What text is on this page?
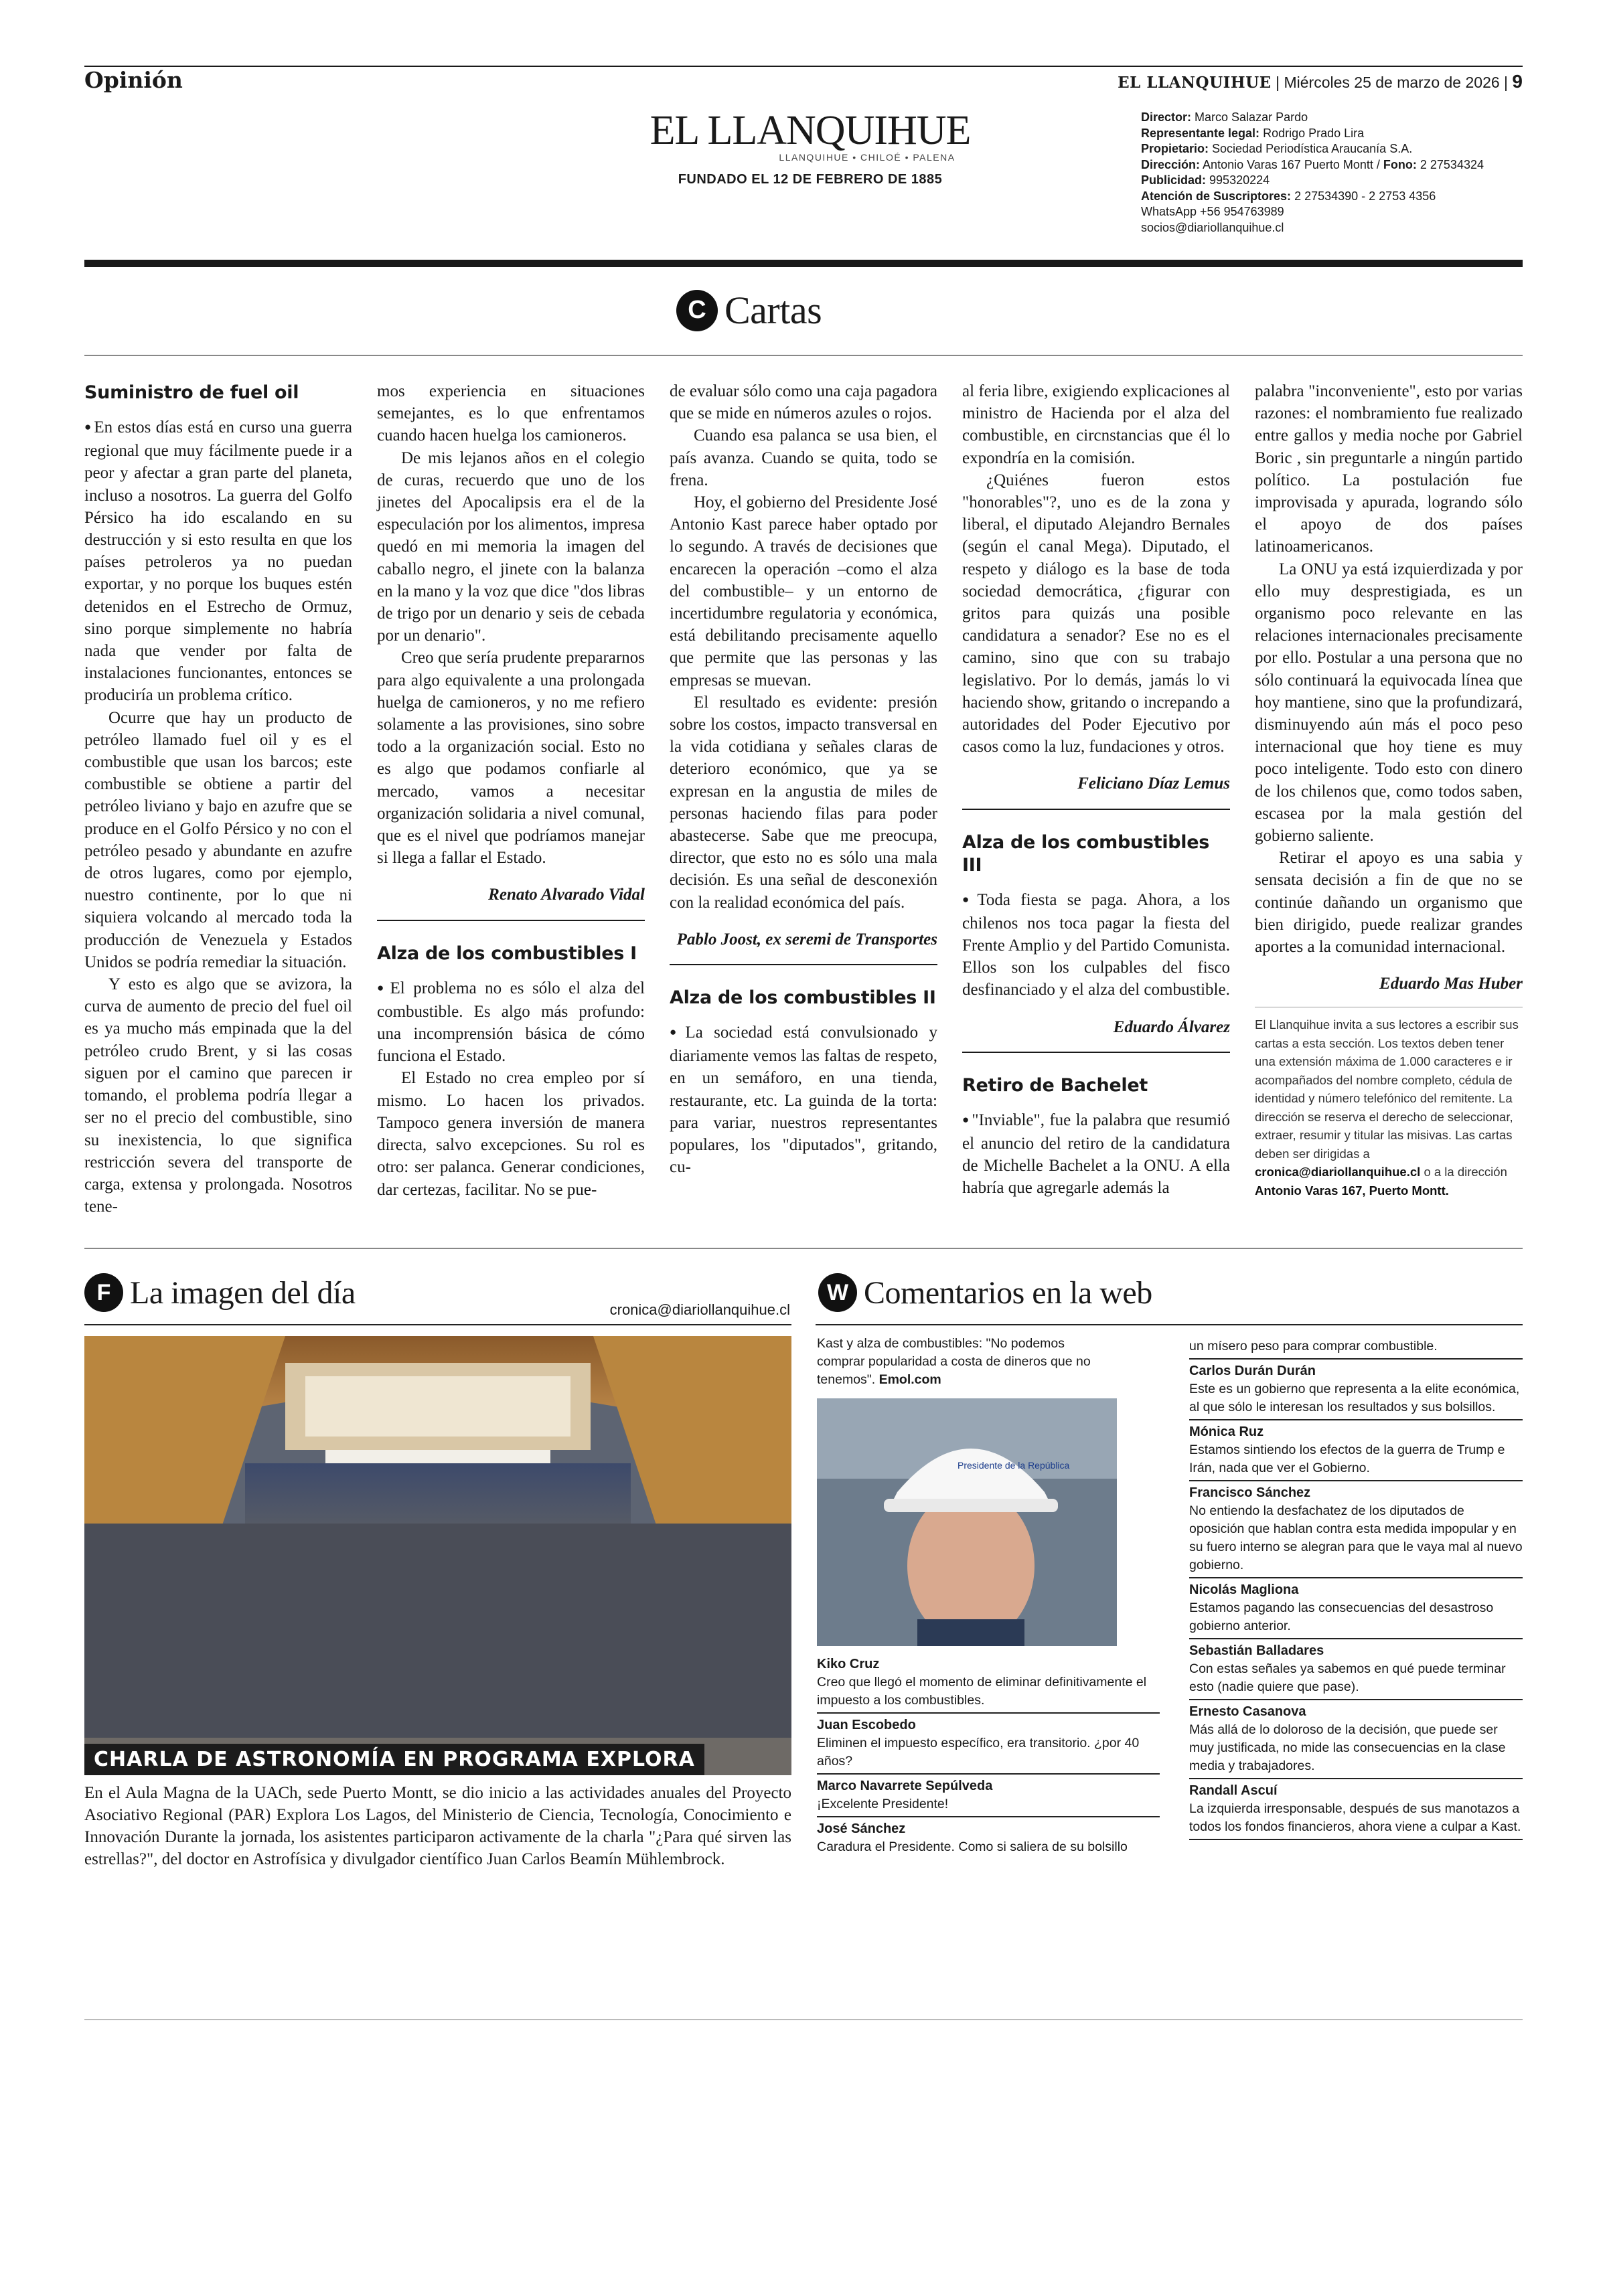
Opinión	EL LLANQUIHUE | Miércoles 25 de marzo de 2026 | 9
EL LLANQUIHUE
LLANQUIHUE • CHILOÉ • PALENA
FUNDADO EL 12 DE FEBRERO DE 1885
Director: Marco Salazar Pardo
Representante legal: Rodrigo Prado Lira
Propietario: Sociedad Periodística Araucanía S.A.
Dirección: Antonio Varas 167 Puerto Montt / Fono: 2 27534324
Publicidad: 995320224
Atención de Suscriptores: 2 27534390 - 2 2753 4356
WhatsApp +56 954763989
socios@diariollanquihue.cl
C Cartas
Suministro de fuel oil

● En estos días está en curso una guerra regional que muy fácilmente puede ir a peor y afectar a gran parte del planeta, incluso a nosotros. La guerra del Golfo Pérsico ha ido escalando en su destrucción y si esto resulta en que los países petroleros ya no puedan exportar, y no porque los buques estén detenidos en el Estrecho de Ormuz, sino porque simplemente no habría nada que vender por falta de instalaciones funcionantes, entonces se produciría un problema crítico.

Ocurre que hay un producto de petróleo llamado fuel oil y es el combustible que usan los barcos; este combustible se obtiene a partir del petróleo liviano y bajo en azufre que se produce en el Golfo Pérsico y no con el petróleo pesado y abundante en azufre de otros lugares, como por ejemplo, nuestro continente, por lo que ni siquiera volcando al mercado toda la producción de Venezuela y Estados Unidos se podría remediar la situación.

Y esto es algo que se avizora, la curva de aumento de precio del fuel oil es ya mucho más empinada que la del petróleo crudo Brent, y si las cosas siguen por el camino que parecen ir tomando, el problema podría llegar a ser no el precio del combustible, sino su inexistencia, lo que significa restricción severa del transporte de carga, extensa y prolongada. Nosotros tene-

mos experiencia en situaciones semejantes, es lo que enfrentamos cuando hacen huelga los camioneros.

De mis lejanos años en el colegio de curas, recuerdo que uno de los jinetes del Apocalipsis era el de la especulación por los alimentos, impresa quedó en mi memoria la imagen del caballo negro, el jinete con la balanza en la mano y la voz que dice "dos libras de trigo por un denario y seis de cebada por un denario".

Creo que sería prudente prepararnos para algo equivalente a una prolongada huelga de camioneros, y no me refiero solamente a las provisiones, sino sobre todo a la organización social. Esto no es algo que podamos confiarle al mercado, vamos a necesitar organización solidaria a nivel comunal, que es el nivel que podríamos manejar si llega a fallar el Estado.

Renato Alvarado Vidal

Alza de los combustibles I

● El problema no es sólo el alza del combustible. Es algo más profundo: una incomprensión básica de cómo funciona el Estado.

El Estado no crea empleo por sí mismo. Lo hacen los privados. Tampoco genera inversión de manera directa, salvo excepciones. Su rol es otro: ser palanca. Generar condiciones, dar certezas, facilitar. No se pue-

de evaluar sólo como una caja pagadora que se mide en números azules o rojos.

Cuando esa palanca se usa bien, el país avanza. Cuando se quita, todo se frena.

Hoy, el gobierno del Presidente José Antonio Kast parece haber optado por lo segundo. A través de decisiones que encarecen la operación –como el alza del combustible– y un entorno de incertidumbre regulatoria y económica, está debilitando precisamente aquello que permite que las personas y las empresas se muevan.

El resultado es evidente: presión sobre los costos, impacto transversal en la vida cotidiana y señales claras de deterioro económico, que ya se expresan en la angustia de miles de personas haciendo filas para poder abastecerse. Sabe que me preocupa, director, que esto no es sólo una mala decisión. Es una señal de desconexión con la realidad económica del país.

Pablo Joost, ex seremi de Transportes

Alza de los combustibles II

● La sociedad está convulsionado y diariamente vemos las faltas de respeto, en un semáforo, en una tienda, restaurante, etc. La guinda de la torta: para variar, nuestros representantes populares, los "diputados", gritando, cu-

al feria libre, exigiendo explicaciones al ministro de Hacienda por el alza del combustible, en circnstancias que él lo expondría en la comisión.

¿Quiénes fueron estos "honorables"?, uno es de la zona y liberal, el diputado Alejandro Bernales (según el canal Mega). Diputado, el respeto y diálogo es la base de toda sociedad democrática, ¿figurar con gritos para quizás una posible candidatura a senador? Ese no es el camino, sino que con su trabajo legislativo. Por lo demás, jamás lo vi haciendo show, gritando o increpando a autoridades del Poder Ejecutivo por casos como la luz, fundaciones y otros.

Feliciano Díaz Lemus

Alza de los combustibles III

● Toda fiesta se paga. Ahora, a los chilenos nos toca pagar la fiesta del Frente Amplio y del Partido Comunista. Ellos son los culpables del fisco desfinanciado y el alza del combustible.

Eduardo Álvarez

Retiro de Bachelet

● "Inviable", fue la palabra que resumió el anuncio del retiro de la candidatura de Michelle Bachelet a la ONU. A ella habría que agregarle además la

palabra "inconveniente", esto por varias razones: el nombramiento fue realizado entre gallos y media noche por Gabriel Boric , sin preguntarle a ningún partido político. La postulación fue improvisada y apurada, logrando sólo el apoyo de dos países latinoamericanos.

La ONU ya está izquierdizada y por ello muy desprestigiada, es un organismo poco relevante en las relaciones internacionales precisamente por ello. Postular a una persona que no sólo continuará la equivocada línea que hoy mantiene, sino que la profundizará, disminuyendo aún más el poco peso internacional que hoy tiene es muy poco inteligente. Todo esto con dinero de los chilenos que, como todos saben, escasea por la mala gestión del gobierno saliente.

Retirar el apoyo es una sabia y sensata decisión a fin de que no se continúe dañando un organismo que bien dirigido, puede realizar grandes aportes a la comunidad internacional.

Eduardo Mas Huber

El Llanquihue invita a sus lectores a escribir sus cartas a esta sección. Los textos deben tener una extensión máxima de 1.000 caracteres e ir acompañados del nombre completo, cédula de identidad y número telefónico del remitente. La dirección se reserva el derecho de seleccionar, extraer, resumir y titular las misivas. Las cartas deben ser dirigidas a cronica@diariollanquihue.cl o a la dirección Antonio Varas 167, Puerto Montt.
F La imagen del día	cronica@diariollanquihue.cl
CHARLA DE ASTRONOMÍA EN PROGRAMA EXPLORA
En el Aula Magna de la UACh, sede Puerto Montt, se dio inicio a las actividades anuales del Proyecto Asociativo Regional (PAR) Explora Los Lagos, del Ministerio de Ciencia, Tecnología, Conocimiento e Innovación Durante la jornada, los asistentes participaron activamente de la charla "¿Para qué sirven las estrellas?", del doctor en Astrofísica y divulgador científico Juan Carlos Beamín Mühlembrock.
W Comentarios en la web
Kast y alza de combustibles: "No podemos comprar popularidad a costa de dineros que no tenemos". Emol.com
Presidente de la República
Kiko Cruz
Creo que llegó el momento de eliminar definitivamente el impuesto a los combustibles.
Juan Escobedo
Eliminen el impuesto específico, era transitorio. ¿por 40 años?
Marco Navarrete Sepúlveda
¡Excelente Presidente!
José Sánchez
Caradura el Presidente. Como si saliera de su bolsillo
un mísero peso para comprar combustible.
Carlos Durán Durán
Este es un gobierno que representa a la elite económica, al que sólo le interesan los resultados y sus bolsillos.
Mónica Ruz
Estamos sintiendo los efectos de la guerra de Trump e Irán, nada que ver el Gobierno.
Francisco Sánchez
No entiendo la desfachatez de los diputados de oposición que hablan contra esta medida impopular y en su fuero interno se alegran para que le vaya mal al nuevo gobierno.
Nicolás Magliona
Estamos pagando las consecuencias del desastroso gobierno anterior.
Sebastián Balladares
Con estas señales ya sabemos en qué puede terminar esto (nadie quiere que pase).
Ernesto Casanova
Más allá de lo doloroso de la decisión, que puede ser muy justificada, no mide las consecuencias en la clase media y trabajadores.
Randall Ascuí
La izquierda irresponsable, después de sus manotazos a todos los fondos financieros, ahora viene a culpar a Kast.
